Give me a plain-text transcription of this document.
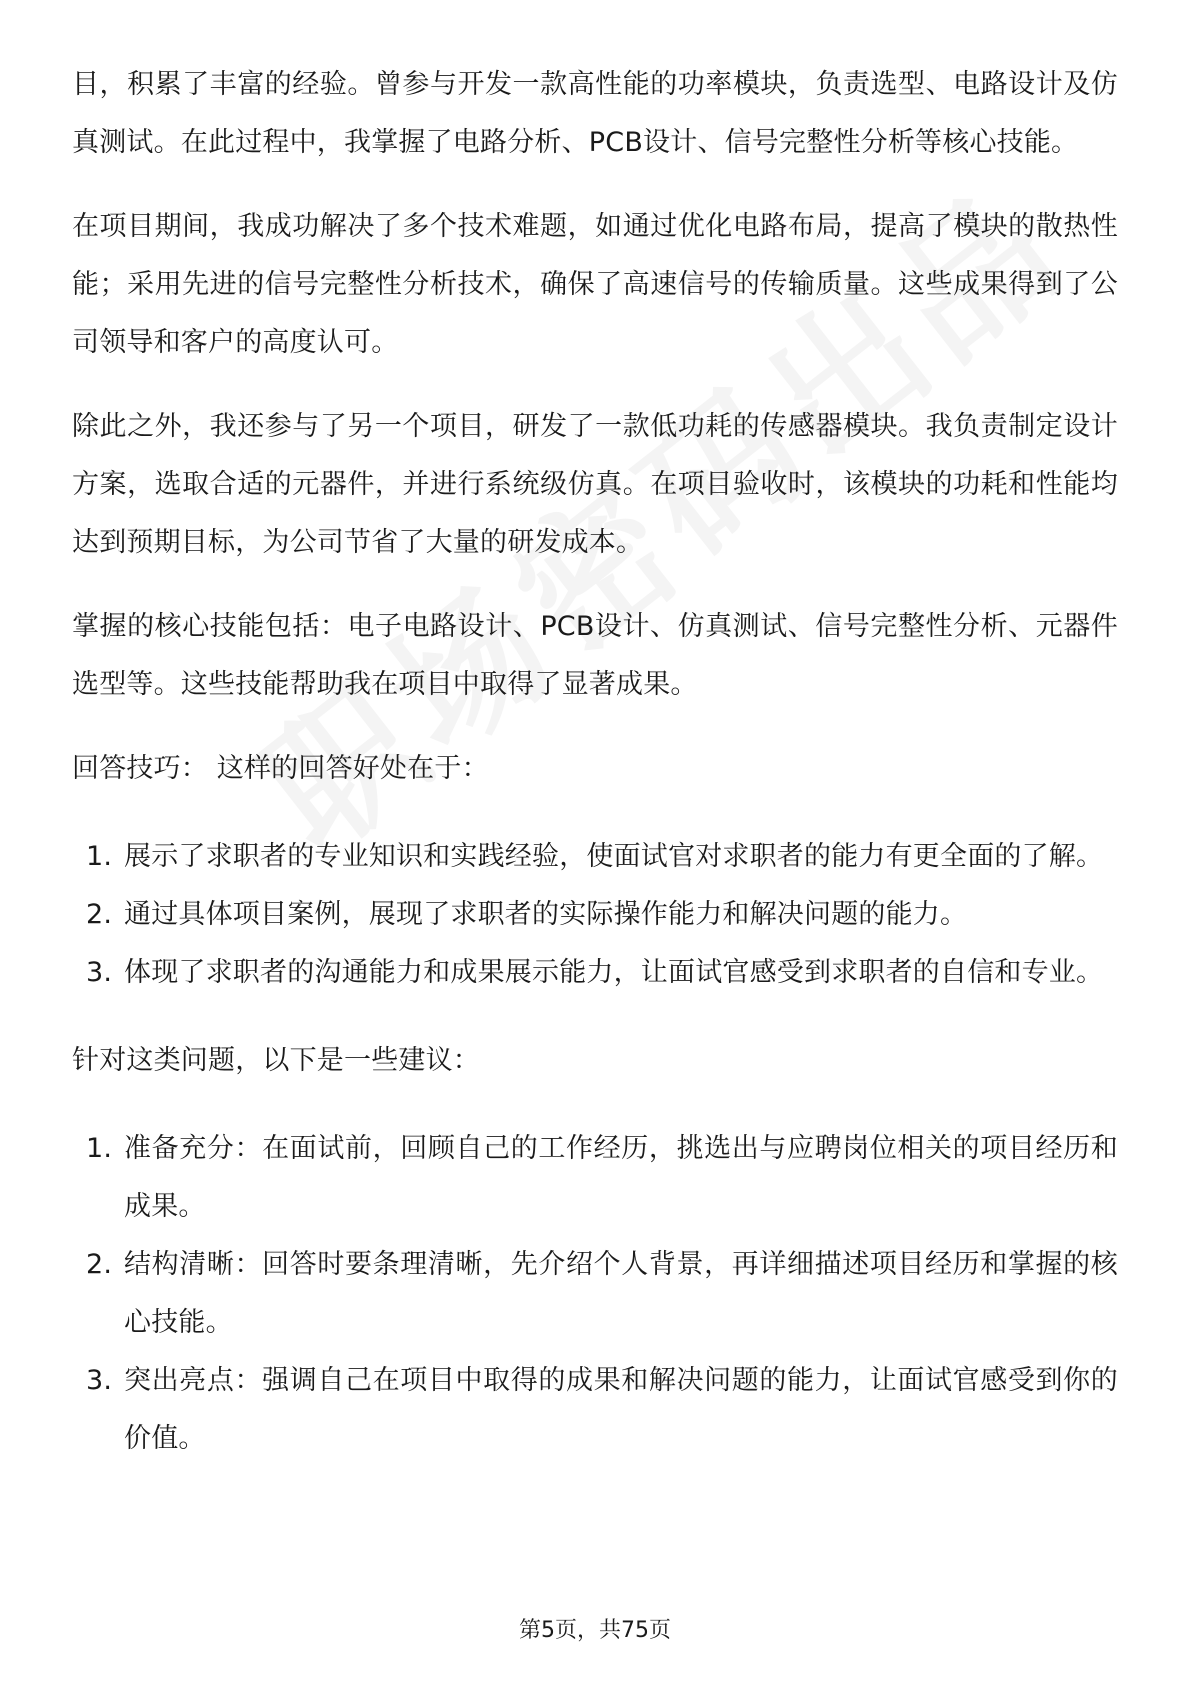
目，积累了丰富的经验。曾参与开发一款高性能的功率模块，负责选型、电路设计及仿真测试。在此过程中，我掌握了电路分析、PCB设计、信号完整性分析等核心技能。

在项目期间，我成功解决了多个技术难题，如通过优化电路布局，提高了模块的散热性能；采用先进的信号完整性分析技术，确保了高速信号的传输质量。这些成果得到了公司领导和客户的高度认可。

除此之外，我还参与了另一个项目，研发了一款低功耗的传感器模块。我负责制定设计方案，选取合适的元器件，并进行系统级仿真。在项目验收时，该模块的功耗和性能均达到预期目标，为公司节省了大量的研发成本。

掌握的核心技能包括：电子电路设计、PCB设计、仿真测试、信号完整性分析、元器件选型等。这些技能帮助我在项目中取得了显著成果。

回答技巧： 这样的回答好处在于：

1. 展示了求职者的专业知识和实践经验，使面试官对求职者的能力有更全面的了解。
2. 通过具体项目案例，展现了求职者的实际操作能力和解决问题的能力。
3. 体现了求职者的沟通能力和成果展示能力，让面试官感受到求职者的自信和专业。

针对这类问题，以下是一些建议：

1. 准备充分：在面试前，回顾自己的工作经历，挑选出与应聘岗位相关的项目经历和成果。
2. 结构清晰：回答时要条理清晰，先介绍个人背景，再详细描述项目经历和掌握的核心技能。
3. 突出亮点：强调自己在项目中取得的成果和解决问题的能力，让面试官感受到你的价值。
第5页，共75页
